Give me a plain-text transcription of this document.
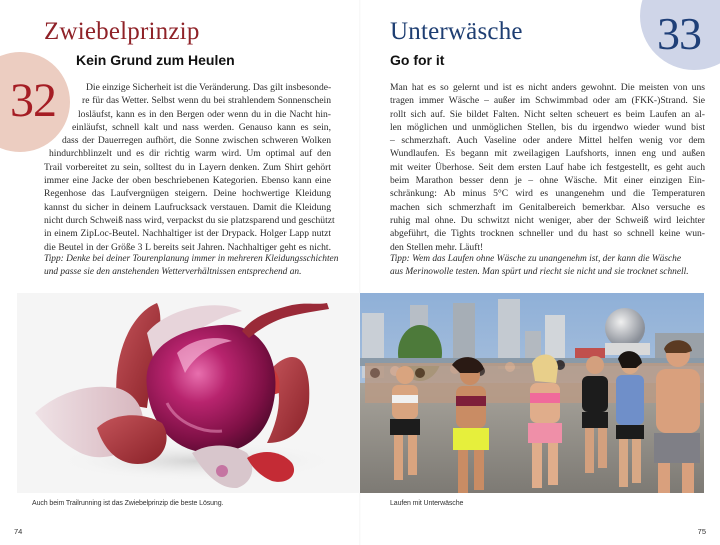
32
Zwiebelprinzip
Kein Grund zum Heulen
Die einzige Sicherheit ist die Veränderung. Das gilt insbesonde-
re für das Wetter. Selbst wenn du bei strahlendem Sonnenschein
losläufst, kann es in den Bergen oder wenn du in die Nacht hin-
einläufst, schnell kalt und nass werden. Genauso kann es sein,
dass der Dauerregen aufhört, die Sonne zwischen schweren Wolken
hindurchblinzelt und es dir richtig warm wird. Um optimal auf den
Trail vorbereitet zu sein, solltest du in Layern denken. Zum Shirt gehört
immer eine Jacke der oben beschriebenen Kategorien. Ebenso kann eine
Regenhose das Laufvergnügen steigern. Deine hochwertige Kleidung
kannst du sicher in deinem Laufrucksack verstauen. Damit die Kleidung
nicht durch Schweiß nass wird, verpackst du sie platzsparend und geschützt
in einem ZipLoc-Beutel. Nachhaltiger ist der Drypack. Holger Lapp nutzt
die Beutel in der Größe 3 L bereits seit Jahren. Nachhaltiger geht es nicht.
Tipp: Denke bei deiner Tourenplanung immer in mehreren Kleidungsschichten
und passe sie den anstehenden Wetterverhältnissen entsprechend an.
Auch beim Trailrunning ist das Zwiebelprinzip die beste Lösung.
74
33
Unterwäsche
Go for it
Man hat es so gelernt und ist es nicht anders gewohnt. Die meisten von uns
tragen immer Wäsche – außer im Schwimmbad oder am (FKK-)Strand. Sie
rollt sich auf. Sie bildet Falten. Nicht selten scheuert es beim Laufen an al-
len möglichen und unmöglichen Stellen, bis du irgendwo wieder wund bist
– schmerzhaft. Auch Vaseline oder andere Mittel helfen wenig vor dem
Wundlaufen. Es begann mit zweilagigen Laufshorts, innen eng und außen
mit weiter Überhose. Seit dem ersten Lauf habe ich festgestellt, es geht auch
beim Marathon besser denn je – ohne Wäsche. Mit einer einzigen Ein-
schränkung: Ab minus 5°C wird es unangenehm und die Temperaturen
machen sich schmerzhaft im Genitalbereich bemerkbar. Also versuche es
ruhig mal ohne. Du schwitzt nicht weniger, aber der Schweiß wird leichter
abgeführt, die Tights trocknen schneller und du hast so schnell keine wun-
den Stellen mehr. Läuft!
Tipp: Wem das Laufen ohne Wäsche zu unangenehm ist, der kann die Wäsche
aus Merinowolle testen. Man spürt und riecht sie nicht und sie trocknet schnell.
Laufen mit Unterwäsche
75
